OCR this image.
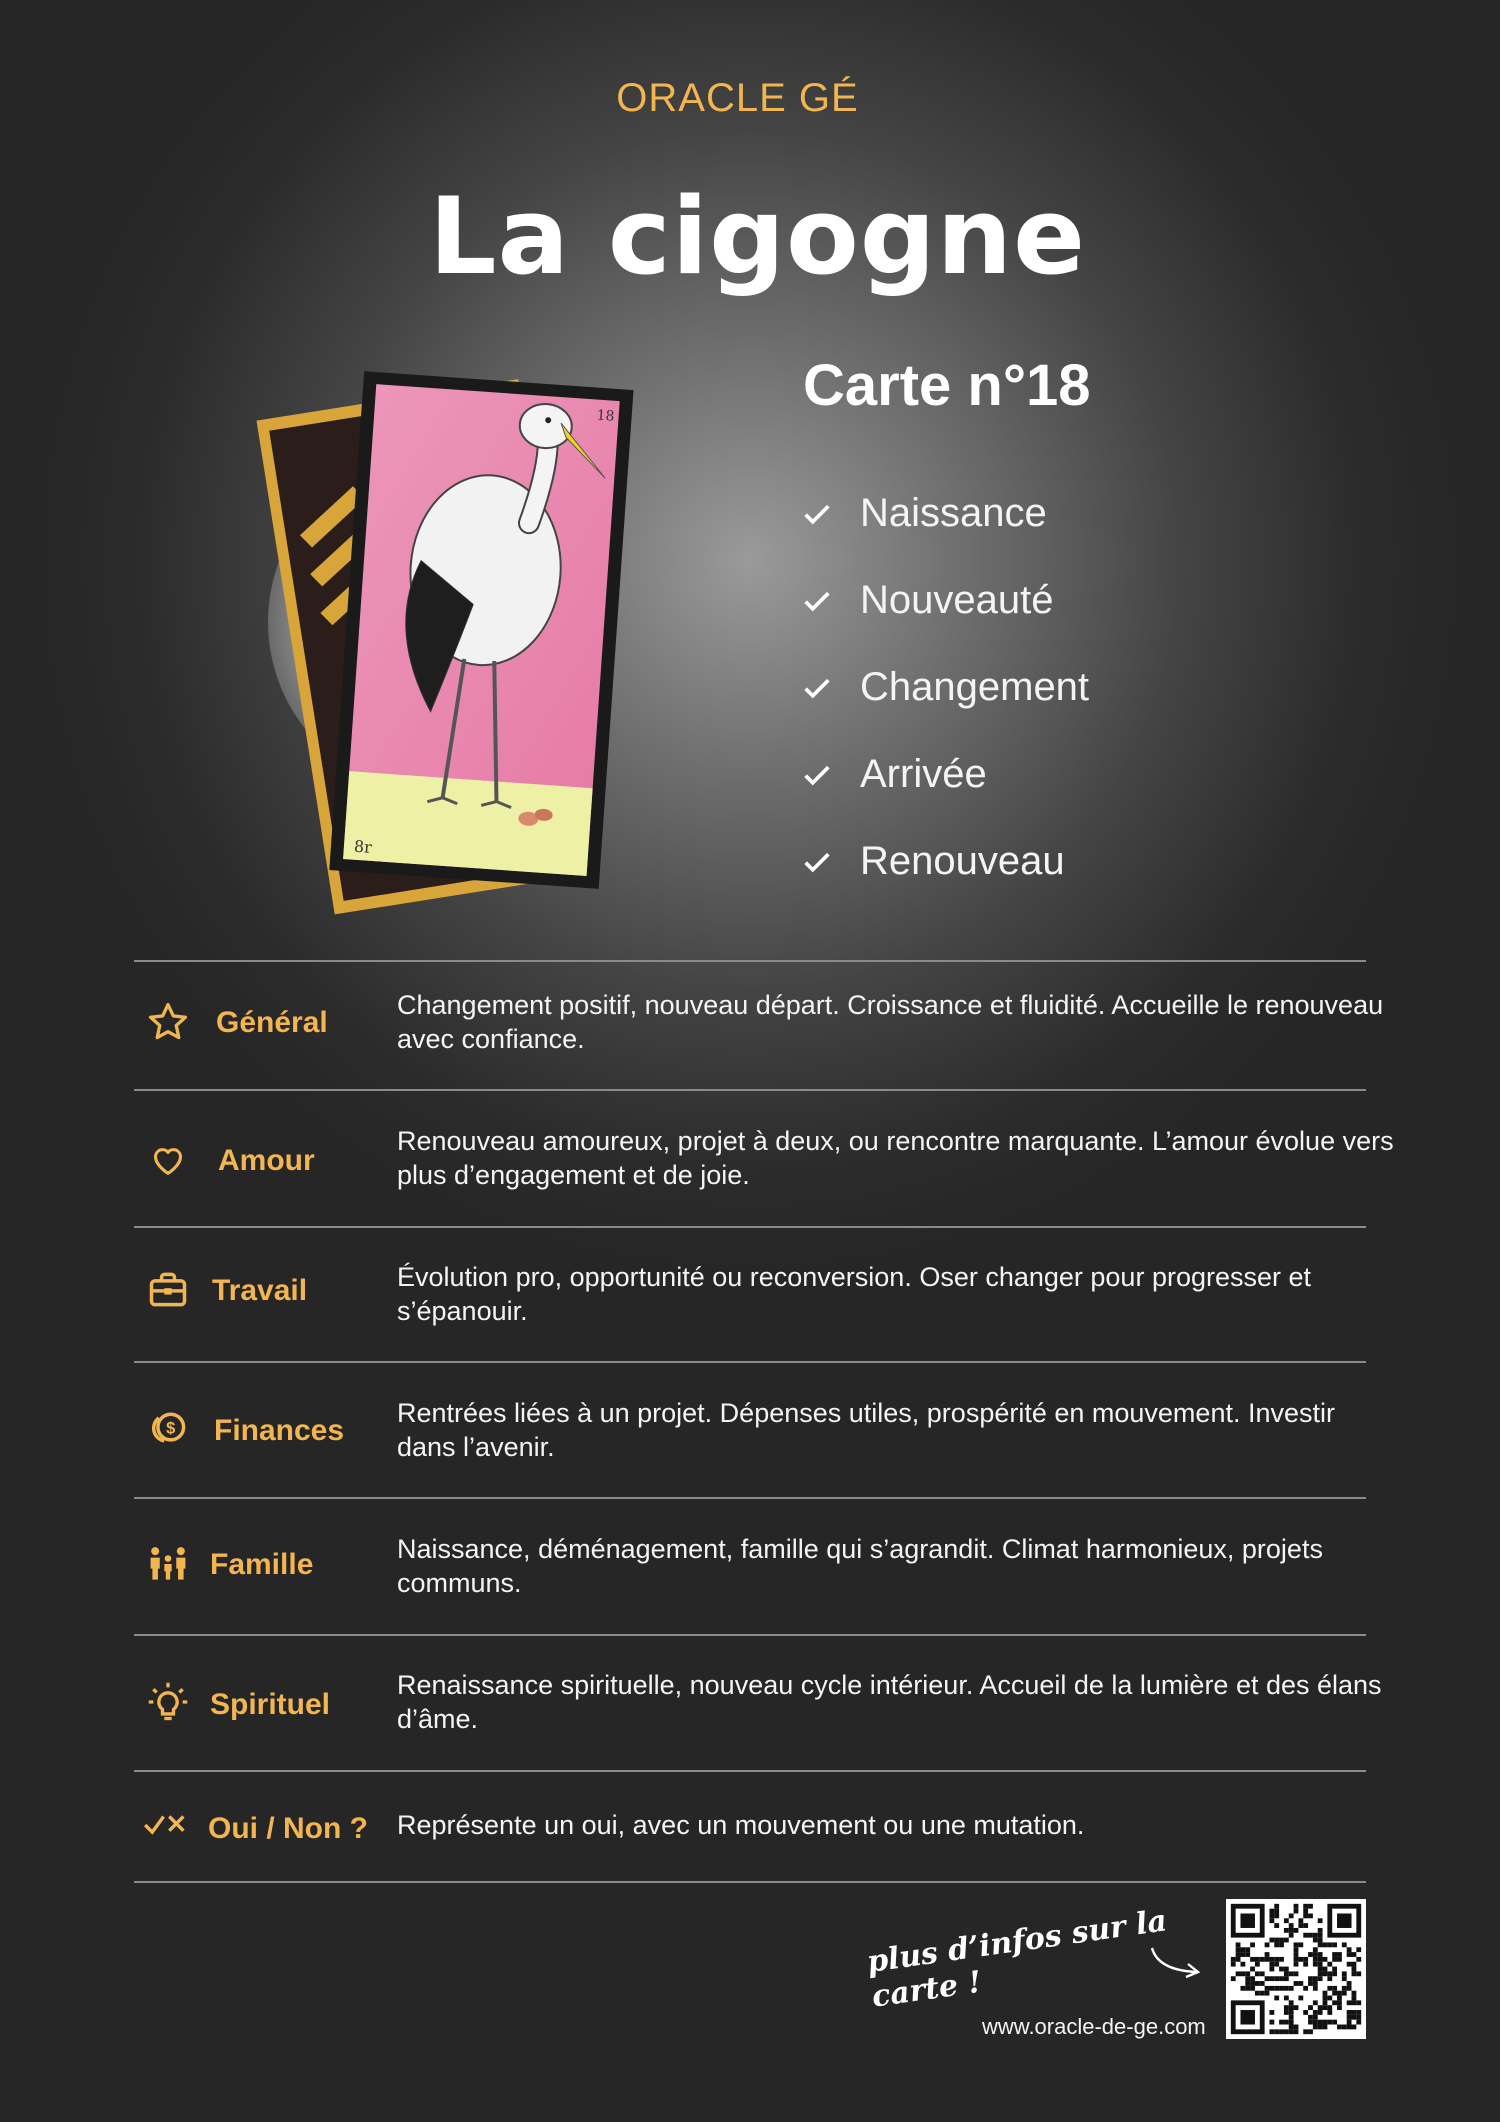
ORACLE GÉ
La cigogne
18
8r
Carte n°18
Naissance
Nouveauté
Changement
Arrivée
Renouveau
Général
Changement positif, nouveau départ. Croissance et fluidité. Accueille le renouveau avec confiance.
Amour
Renouveau amoureux, projet à deux, ou rencontre marquante. L’amour évolue vers plus d’engagement et de joie.
Travail	Évolution pro, opportunité ou reconversion. Oser changer pour progresser et s’épanouir.
$ Finances
Rentrées liées à un projet. Dépenses utiles, prospérité en mouvement. Investir dans l’avenir.
Famille	Naissance, déménagement, famille qui s’agrandit. Climat harmonieux, projets communs.
Spirituel
Renaissance spirituelle, nouveau cycle intérieur. Accueil de la lumière et des élans d’âme.
Oui / Non ? Représente un oui, avec un mouvement ou une mutation.
plus d’infos sur la carte !
www.oracle-de-ge.com
